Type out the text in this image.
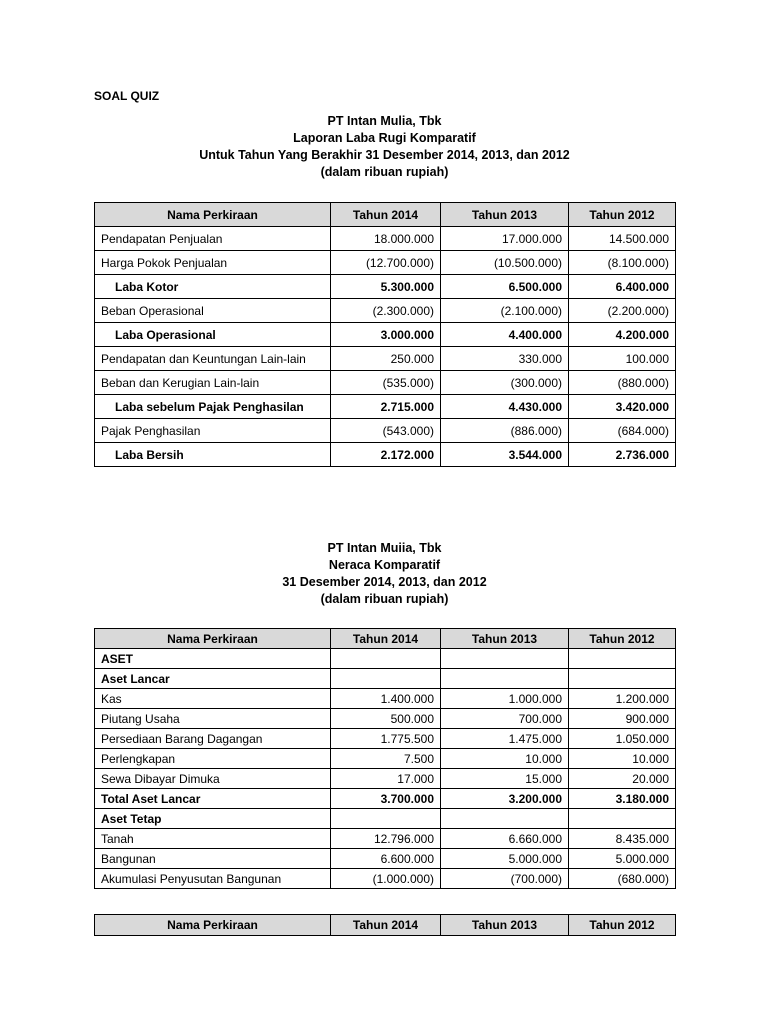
SOAL QUIZ
PT Intan Mulia, Tbk
Laporan Laba Rugi Komparatif
Untuk Tahun Yang Berakhir 31 Desember 2014, 2013, dan 2012
(dalam ribuan rupiah)
Nama Perkiraan	Tahun 2014	Tahun 2013	Tahun 2012
Pendapatan Penjualan	18.000.000	17.000.000	14.500.000
Harga Pokok Penjualan	(12.700.000)	(10.500.000)	(8.100.000)
Laba Kotor	5.300.000	6.500.000	6.400.000
Beban Operasional	(2.300.000)	(2.100.000)	(2.200.000)
Laba Operasional	3.000.000	4.400.000	4.200.000
Pendapatan dan Keuntungan Lain-lain	250.000	330.000	100.000
Beban dan Kerugian Lain-lain	(535.000)	(300.000)	(880.000)
Laba sebelum Pajak Penghasilan	2.715.000	4.430.000	3.420.000
Pajak Penghasilan	(543.000)	(886.000)	(684.000)
Laba Bersih	2.172.000	3.544.000	2.736.000
PT Intan Muiia, Tbk
Neraca Komparatif
31 Desember 2014, 2013, dan 2012
(dalam ribuan rupiah)
Nama Perkiraan	Tahun 2014	Tahun 2013	Tahun 2012
ASET			
Aset Lancar			
Kas	1.400.000	1.000.000	1.200.000
Piutang Usaha	500.000	700.000	900.000
Persediaan Barang Dagangan	1.775.500	1.475.000	1.050.000
Perlengkapan	7.500	10.000	10.000
Sewa Dibayar Dimuka	17.000	15.000	20.000
Total Aset Lancar	3.700.000	3.200.000	3.180.000
Aset Tetap			
Tanah	12.796.000	6.660.000	8.435.000
Bangunan	6.600.000	5.000.000	5.000.000
Akumulasi Penyusutan Bangunan	(1.000.000)	(700.000)	(680.000)
Nama Perkiraan	Tahun 2014	Tahun 2013	Tahun 2012
